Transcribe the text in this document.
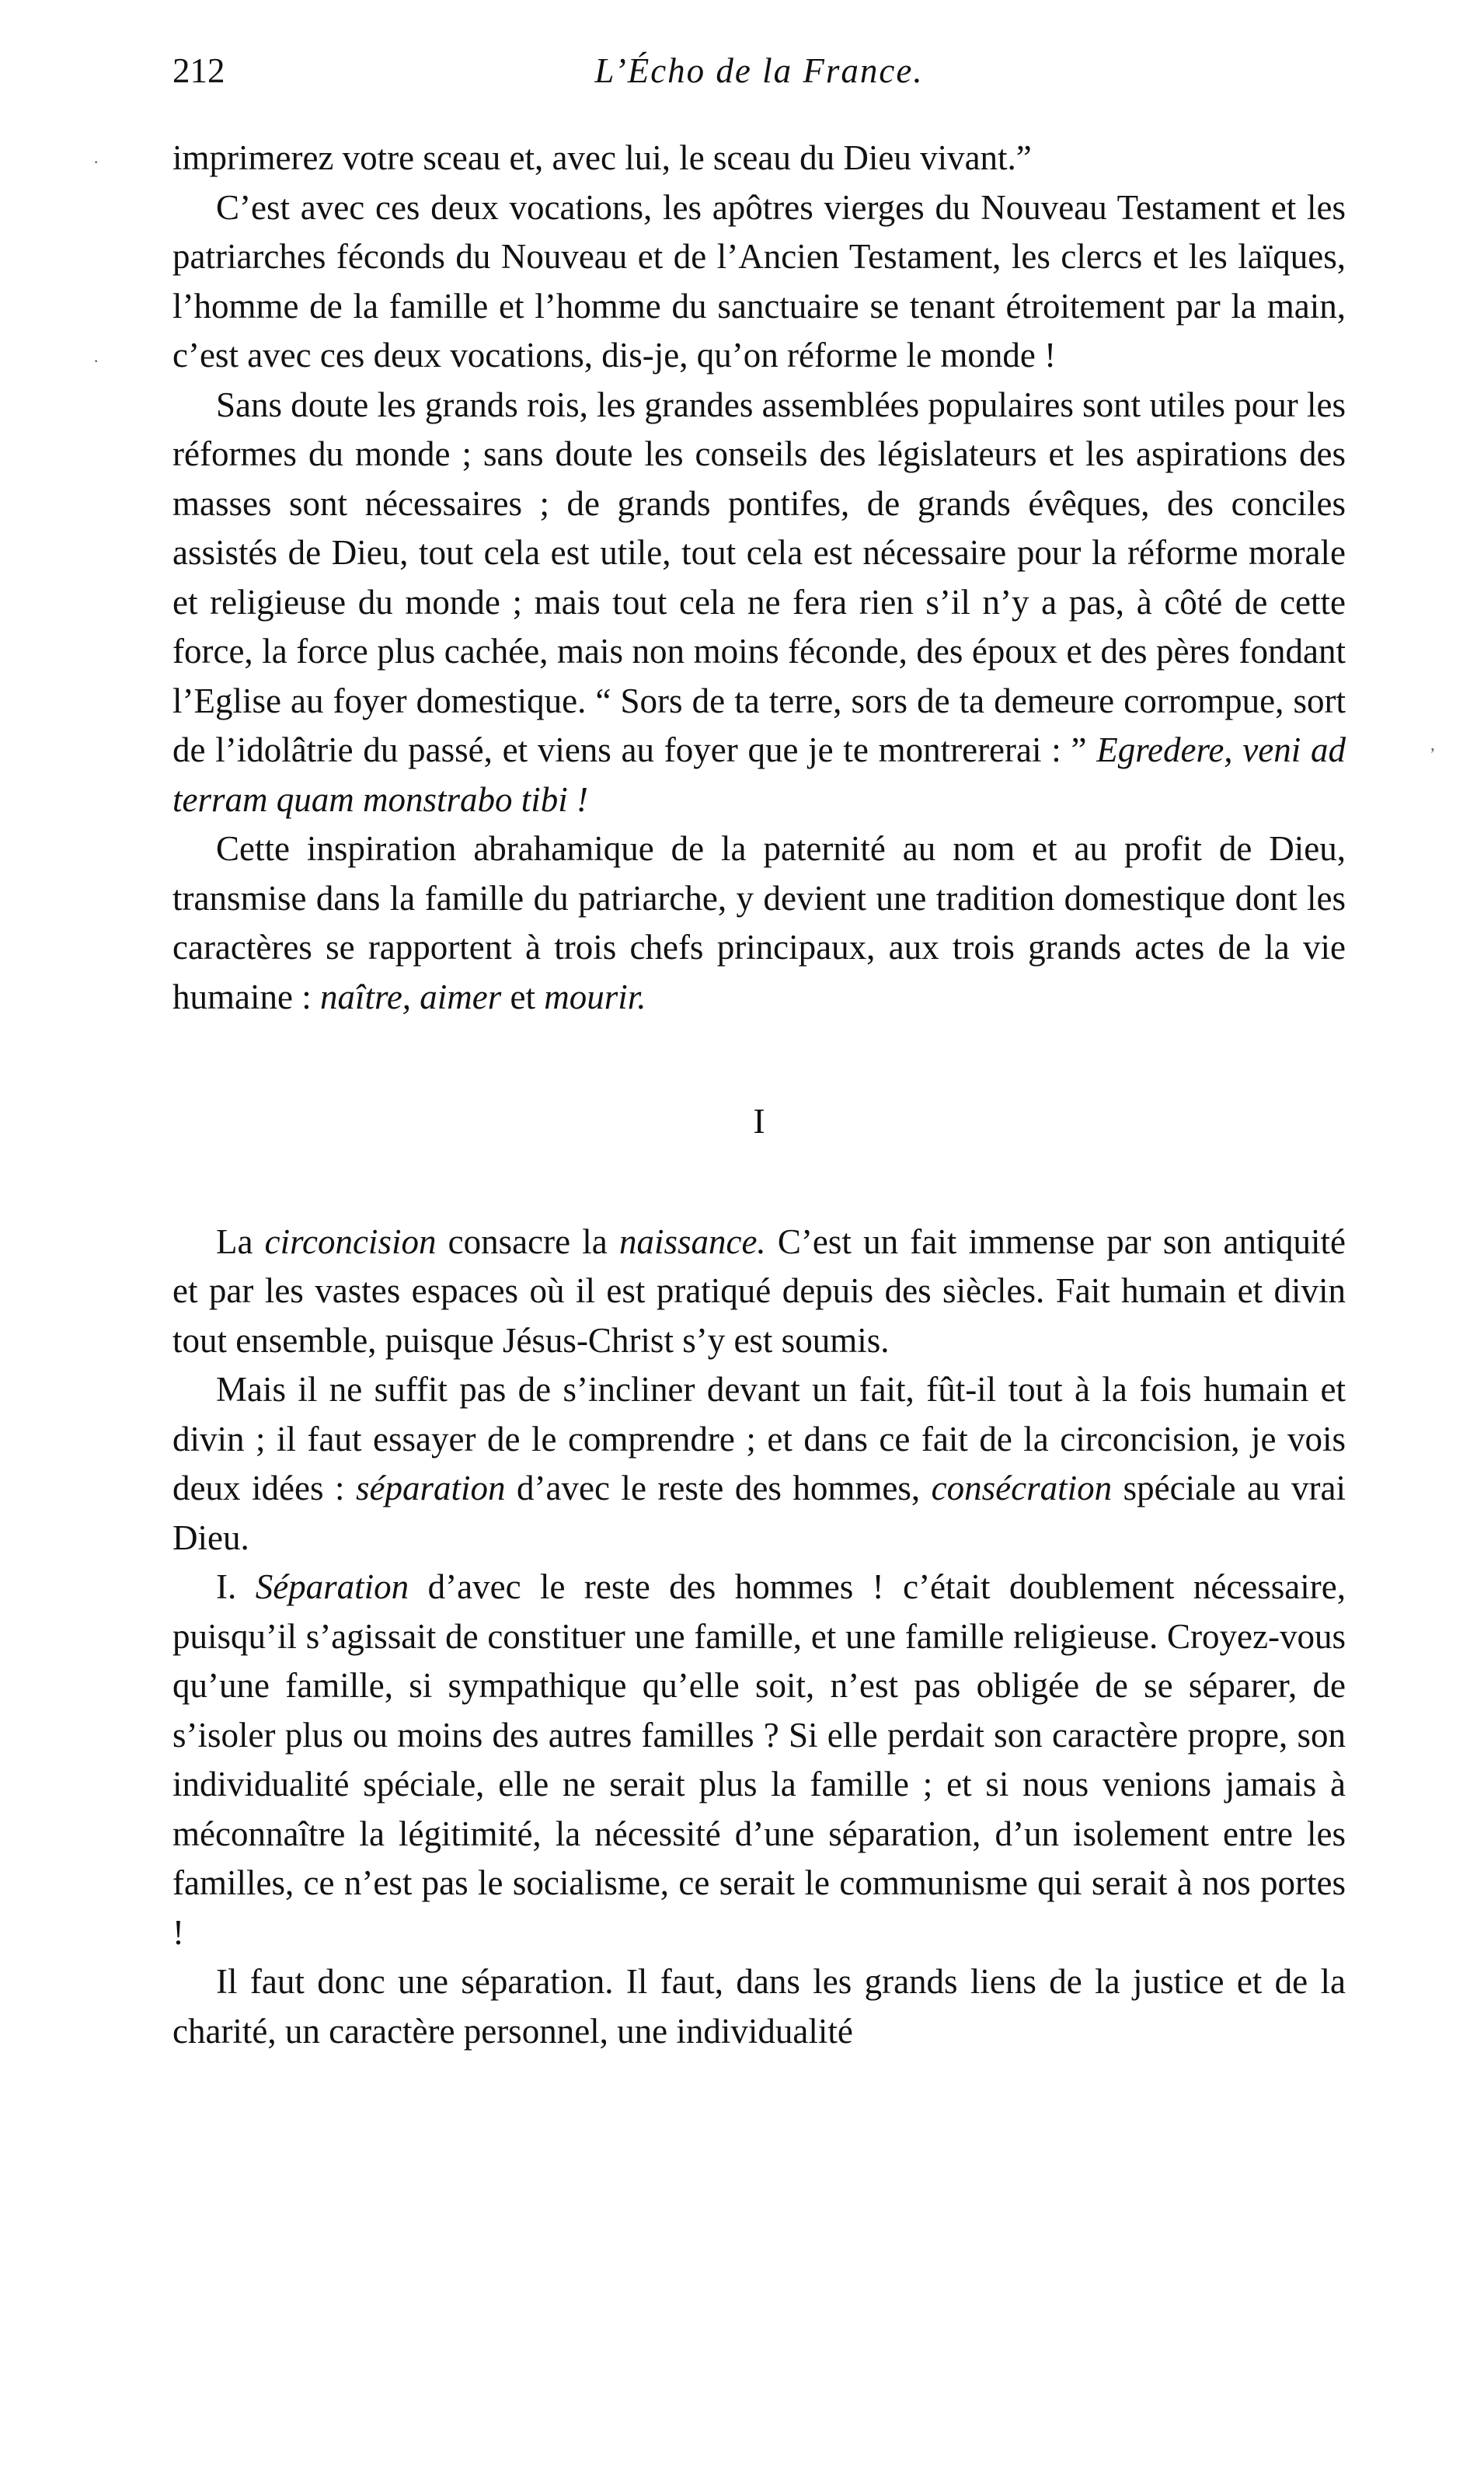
212	L’Écho de la France.
·
·
ʼ

imprimerez votre sceau et, avec lui, le sceau du Dieu vivant.”

C’est avec ces deux vocations, les apôtres vierges du Nouveau Testament et les patriarches féconds du Nouveau et de l’Ancien Testament, les clercs et les laïques, l’homme de la famille et l’homme du sanctuaire se tenant étroitement par la main, c’est avec ces deux vocations, dis-je, qu’on réforme le monde !

Sans doute les grands rois, les grandes assemblées populaires sont utiles pour les réformes du monde ; sans doute les conseils des législateurs et les aspirations des masses sont nécessaires ; de grands pontifes, de grands évêques, des conciles assistés de Dieu, tout cela est utile, tout cela est nécessaire pour la réforme morale et religieuse du monde ; mais tout cela ne fera rien s’il n’y a pas, à côté de cette force, la force plus cachée, mais non moins féconde, des époux et des pères fondant l’Eglise au foyer domestique. “ Sors de ta terre, sors de ta demeure corrompue, sort de l’idolâtrie du passé, et viens au foyer que je te montrererai : ” Egredere, veni ad terram quam monstrabo tibi !

Cette inspiration abrahamique de la paternité au nom et au profit de Dieu, transmise dans la famille du patriarche, y devient une tradition domestique dont les caractères se rapportent à trois chefs principaux, aux trois grands actes de la vie humaine : naître, aimer et mourir.

I

La circoncision consacre la naissance. C’est un fait immense par son antiquité et par les vastes espaces où il est pratiqué depuis des siècles. Fait humain et divin tout ensemble, puisque Jésus-Christ s’y est soumis.

Mais il ne suffit pas de s’incliner devant un fait, fût-il tout à la fois humain et divin ; il faut essayer de le comprendre ; et dans ce fait de la circoncision, je vois deux idées : séparation d’avec le reste des hommes, consécration spéciale au vrai Dieu.

I. Séparation d’avec le reste des hommes ! c’était doublement nécessaire, puisqu’il s’agissait de constituer une famille, et une famille religieuse. Croyez-vous qu’une famille, si sympathique qu’elle soit, n’est pas obligée de se séparer, de s’isoler plus ou moins des autres familles ? Si elle perdait son caractère propre, son individualité spéciale, elle ne serait plus la famille ; et si nous venions jamais à méconnaître la légitimité, la nécessité d’une séparation, d’un isolement entre les familles, ce n’est pas le socialisme, ce serait le communisme qui serait à nos portes !

Il faut donc une séparation. Il faut, dans les grands liens de la justice et de la charité, un caractère personnel, une individualité
